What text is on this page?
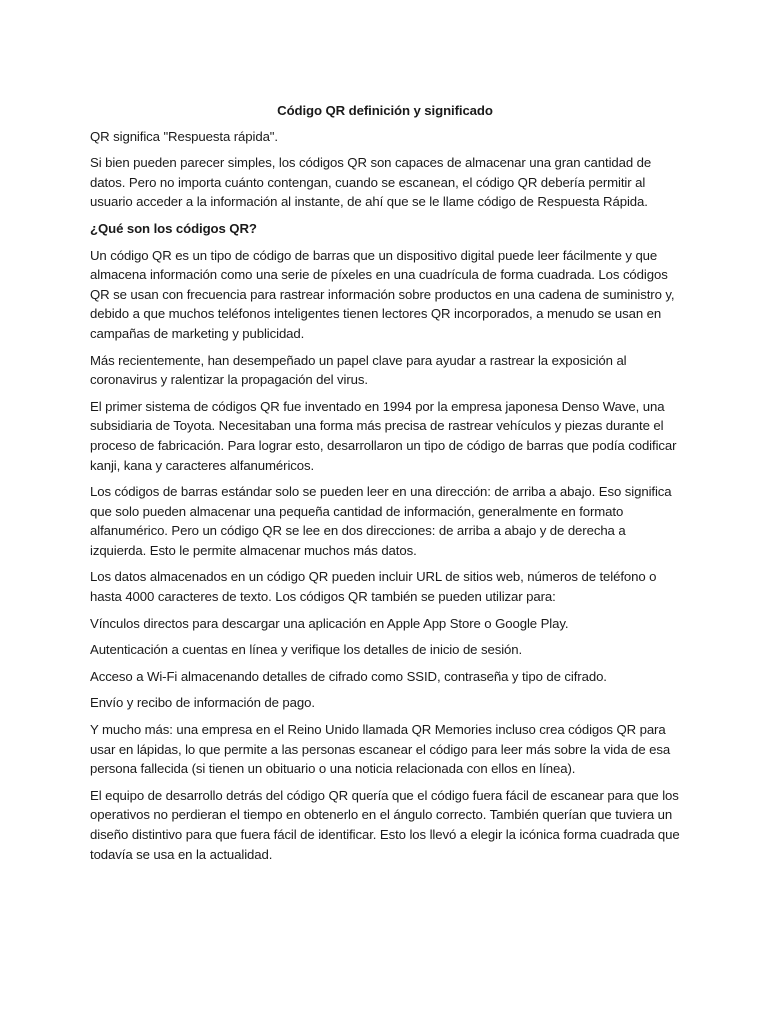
Código QR definición y significado
QR significa "Respuesta rápida".
Si bien pueden parecer simples, los códigos QR son capaces de almacenar una gran cantidad de datos. Pero no importa cuánto contengan, cuando se escanean, el código QR debería permitir al usuario acceder a la información al instante, de ahí que se le llame código de Respuesta Rápida.
¿Qué son los códigos QR?
Un código QR es un tipo de código de barras que un dispositivo digital puede leer fácilmente y que almacena información como una serie de píxeles en una cuadrícula de forma cuadrada. Los códigos QR se usan con frecuencia para rastrear información sobre productos en una cadena de suministro y, debido a que muchos teléfonos inteligentes tienen lectores QR incorporados, a menudo se usan en campañas de marketing y publicidad.
Más recientemente, han desempeñado un papel clave para ayudar a rastrear la exposición al coronavirus y ralentizar la propagación del virus.
El primer sistema de códigos QR fue inventado en 1994 por la empresa japonesa Denso Wave, una subsidiaria de Toyota. Necesitaban una forma más precisa de rastrear vehículos y piezas durante el proceso de fabricación. Para lograr esto, desarrollaron un tipo de código de barras que podía codificar kanji, kana y caracteres alfanuméricos.
Los códigos de barras estándar solo se pueden leer en una dirección: de arriba a abajo. Eso significa que solo pueden almacenar una pequeña cantidad de información, generalmente en formato alfanumérico. Pero un código QR se lee en dos direcciones: de arriba a abajo y de derecha a izquierda. Esto le permite almacenar muchos más datos.
Los datos almacenados en un código QR pueden incluir URL de sitios web, números de teléfono o hasta 4000 caracteres de texto. Los códigos QR también se pueden utilizar para:
Vínculos directos para descargar una aplicación en Apple App Store o Google Play.
Autenticación a cuentas en línea y verifique los detalles de inicio de sesión.
Acceso a Wi-Fi almacenando detalles de cifrado como SSID, contraseña y tipo de cifrado.
Envío y recibo de información de pago.
Y mucho más: una empresa en el Reino Unido llamada QR Memories incluso crea códigos QR para usar en lápidas, lo que permite a las personas escanear el código para leer más sobre la vida de esa persona fallecida (si tienen un obituario o una noticia relacionada con ellos en línea).
El equipo de desarrollo detrás del código QR quería que el código fuera fácil de escanear para que los operativos no perdieran el tiempo en obtenerlo en el ángulo correcto. También querían que tuviera un diseño distintivo para que fuera fácil de identificar. Esto los llevó a elegir la icónica forma cuadrada que todavía se usa en la actualidad.
